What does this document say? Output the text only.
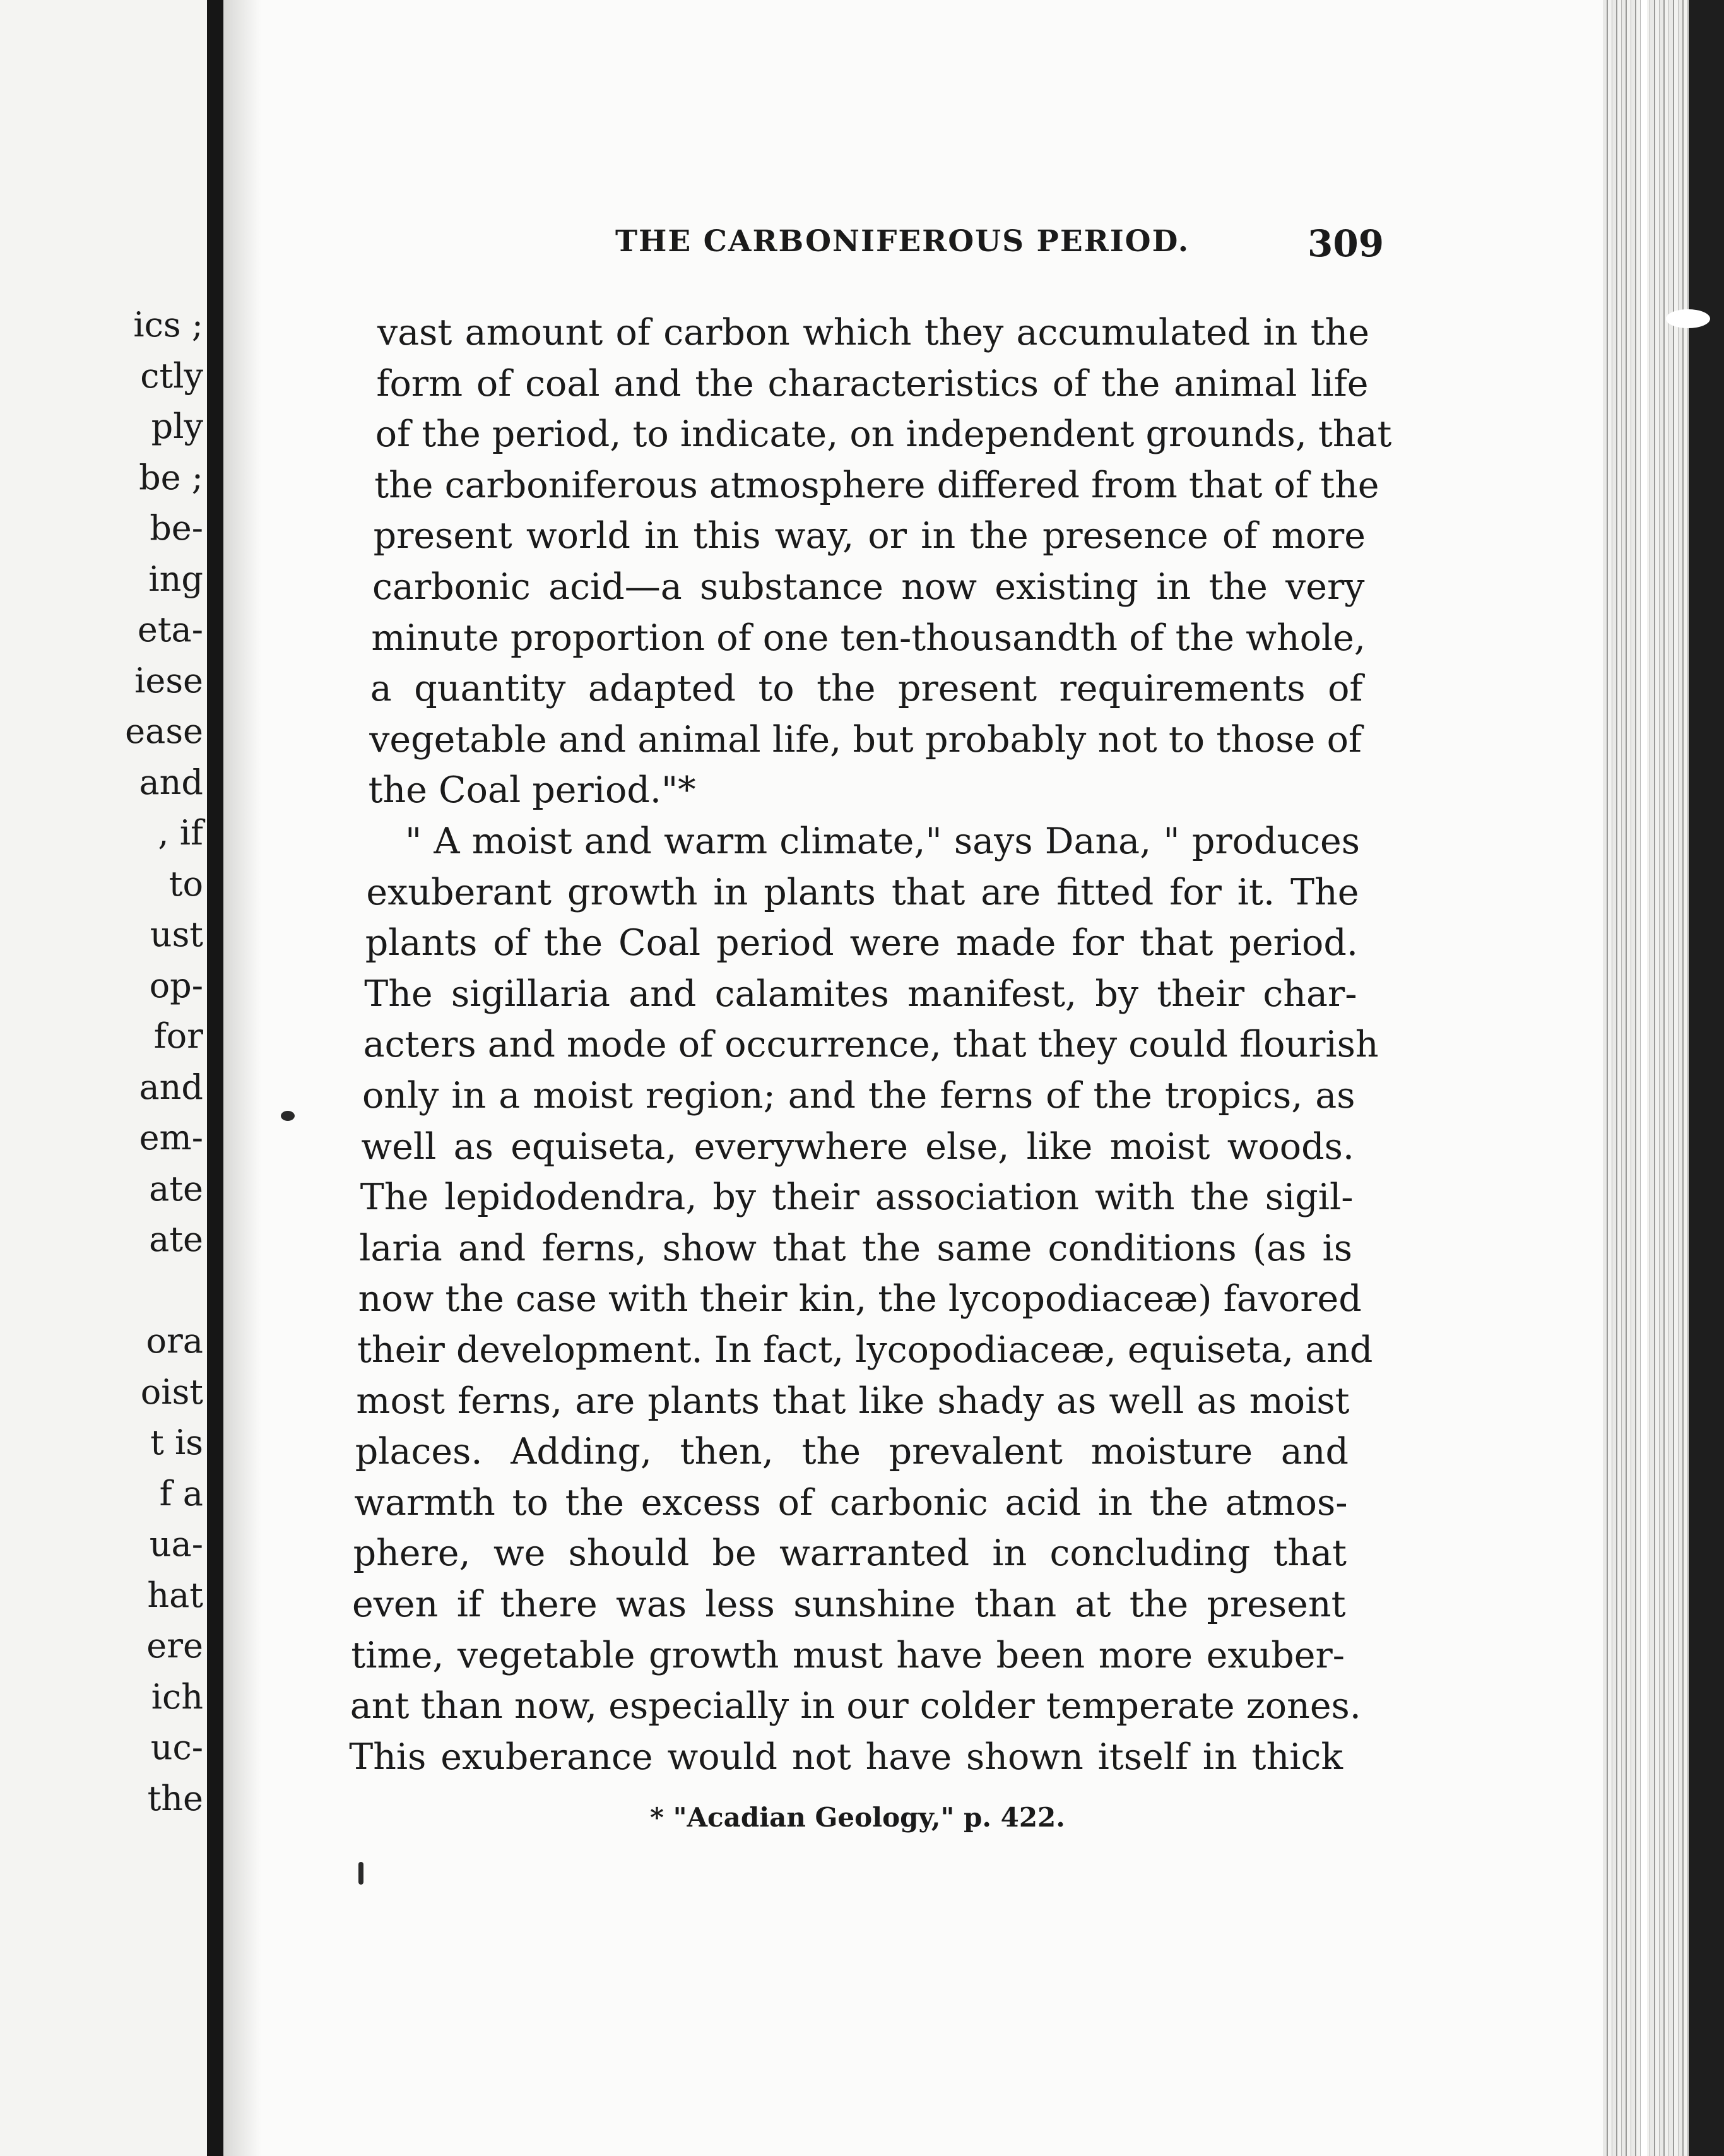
ics ;
ctly
ply
be ;
be-
ing
eta-
iese
ease
and
, if
to
ust
op-
for
and
em-
ate
ate
ora
oist
t is
f a
ua-
hat
ere
ich
uc-
the
THE CARBONIFEROUS PERIOD.	309
vast amount of carbon which they accumulated in the
form of coal and the characteristics of the animal life
of the period, to indicate, on independent grounds, that
the carboniferous atmosphere differed from that of the
present world in this way, or in the presence of more
carbonic acid—a substance now existing in the very
minute proportion of one ten-thousandth of the whole,
a quantity adapted to the present requirements of
vegetable and animal life, but probably not to those of
the Coal period."*
" A moist and warm climate," says Dana, " produces
exuberant growth in plants that are fitted for it. The
plants of the Coal period were made for that period.
The sigillaria and calamites manifest, by their char-
acters and mode of occurrence, that they could flourish
only in a moist region; and the ferns of the tropics, as
well as equiseta, everywhere else, like moist woods.
The lepidodendra, by their association with the sigil-
laria and ferns, show that the same conditions (as is
now the case with their kin, the lycopodiaceæ) favored
their development. In fact, lycopodiaceæ, equiseta, and
most ferns, are plants that like shady as well as moist
places. Adding, then, the prevalent moisture and
warmth to the excess of carbonic acid in the atmos-
phere, we should be warranted in concluding that
even if there was less sunshine than at the present
time, vegetable growth must have been more exuber-
ant than now, especially in our colder temperate zones.
This exuberance would not have shown itself in thick
* "Acadian Geology," p. 422.
